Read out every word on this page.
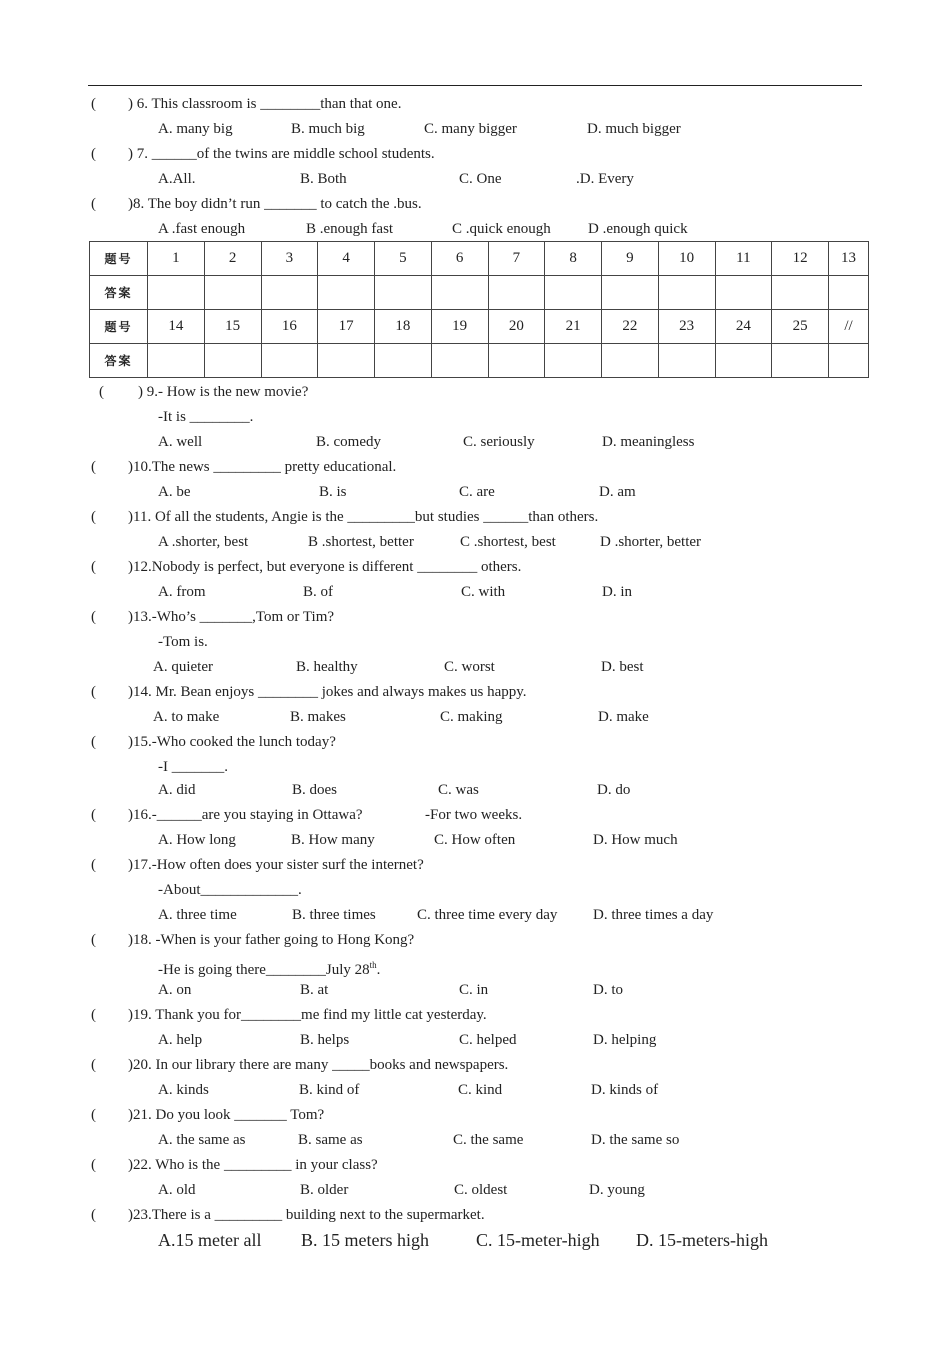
( ) 6. This classroom is ________than that one.
A. many big	B. much big	C. many bigger	D. much bigger
( ) 7. ______of the twins are middle school students.
A.All.	B. Both	C. One	.D. Every
( )8. The boy didn’t run _______ to catch the .bus.
A .fast enough	B .enough fast	C .quick enough D .enough quick
题号	1	2	3	4	5	6	7	8	9	10	11	12	13
答案													
题号	14	15	16	17	18	19	20	21	22	23	24	25	//
答案													
( ) 9.- How is the new movie?
-It is ________.
A. well	B. comedy	C. seriously	D. meaningless
( )10.The news _________ pretty educational.
A. be	B. is	C. are	D. am
( )11. Of all the students, Angie is the _________but studies ______than others.
A .shorter, best	B .shortest, better	C .shortest, best	D .shorter, better
( )12.Nobody is perfect, but everyone is different ________ others.
A. from	B. of	C. with	D. in
( )13.-Who’s _______,Tom or Tim?
-Tom is.
A. quieter	B. healthy	C. worst	D. best
( )14. Mr. Bean enjoys ________ jokes and always makes us happy.
A. to make	B. makes	C. making	D. make
( )15.-Who cooked the lunch today?
-I _______.
A. did	B. does	C. was	D. do
( )16.-______are you staying in Ottawa?	-For two weeks.
A. How long	B. How many	C. How often	D. How much
( )17.-How often does your sister surf the internet?
-About_____________.
A. three time	B. three times	C. three time every day D. three times a day
( )18. -When is your father going to Hong Kong?
-He is going there________July 28th.
A. on	B. at	C. in	D. to
( )19. Thank you for________me find my little cat yesterday.
A. help	B. helps	C. helped	D. helping
( )20. In our library there are many _____books and newspapers.
A. kinds	B. kind of	C. kind	D. kinds of
( )21. Do you look _______ Tom?
A. the same as	B. same as	C. the same	D. the same so
( )22. Who is the _________ in your class?
A. old	B. older	C. oldest	D. young
( )23.There is a _________ building next to the supermarket.
A.15 meter all B. 15 meters high	C. 15-meter-high D. 15-meters-high
